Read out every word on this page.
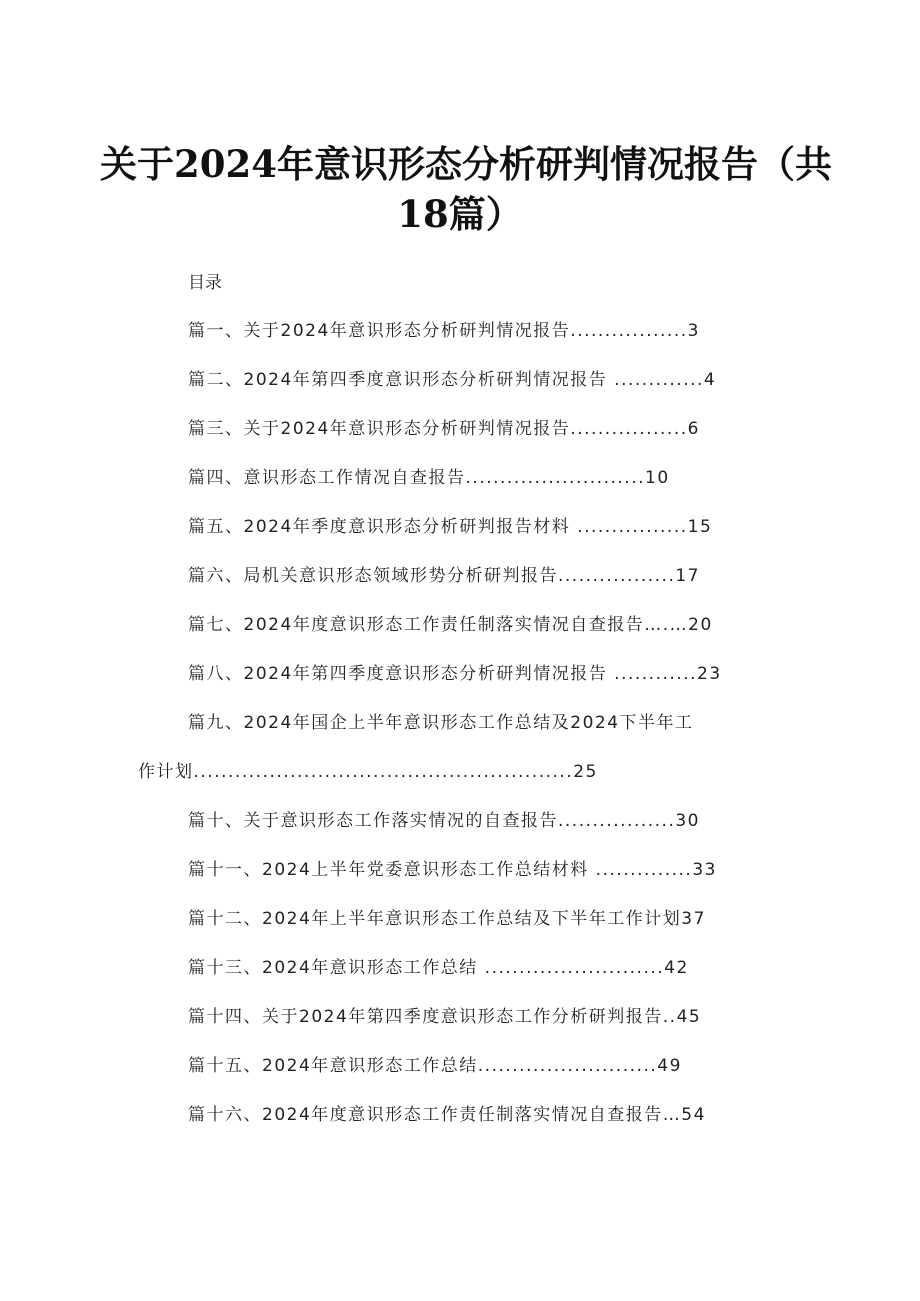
关于2024年意识形态分析研判情况报告（共
18篇）
目录
篇一、关于2024年意识形态分析研判情况报告.................3
篇二、2024年第四季度意识形态分析研判情况报告 .............4
篇三、关于2024年意识形态分析研判情况报告.................6
篇四、意识形态工作情况自查报告..........................10
篇五、2024年季度意识形态分析研判报告材料 ................15
篇六、局机关意识形态领域形势分析研判报告.................17
篇七、2024年度意识形态工作责任制落实情况自查报告….…20
篇八、2024年第四季度意识形态分析研判情况报告 ............23
篇九、2024年国企上半年意识形态工作总结及2024下半年工
作计划.......................................................25
篇十、关于意识形态工作落实情况的自查报告.................30
篇十一、2024上半年党委意识形态工作总结材料 ..............33
篇十二、2024年上半年意识形态工作总结及下半年工作计划37
篇十三、2024年意识形态工作总结 ..........................42
篇十四、关于2024年第四季度意识形态工作分析研判报告..45
篇十五、2024年意识形态工作总结..........................49
篇十六、2024年度意识形态工作责任制落实情况自查报告…54
